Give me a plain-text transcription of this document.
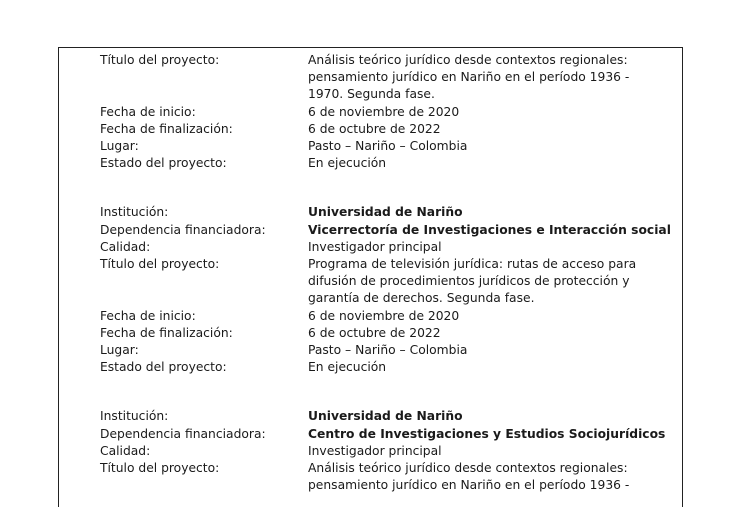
Título del proyecto:	Análisis teórico jurídico desde contextos regionales:
pensamiento jurídico en Nariño en el período 1936 -
1970. Segunda fase.
Fecha de inicio:	6 de noviembre de 2020
Fecha de finalización:	6 de octubre de 2022
Lugar:	Pasto – Nariño – Colombia
Estado del proyecto:	En ejecución
Institución:	Universidad de Nariño
Dependencia financiadora:	Vicerrectoría de Investigaciones e Interacción social
Calidad:	Investigador principal
Título del proyecto:	Programa de televisión jurídica: rutas de acceso para
difusión de procedimientos jurídicos de protección y
garantía de derechos. Segunda fase.
Fecha de inicio:	6 de noviembre de 2020
Fecha de finalización:	6 de octubre de 2022
Lugar:	Pasto – Nariño – Colombia
Estado del proyecto:	En ejecución
Institución:	Universidad de Nariño
Dependencia financiadora:	Centro de Investigaciones y Estudios Sociojurídicos
Calidad:	Investigador principal
Título del proyecto:	Análisis teórico jurídico desde contextos regionales:
pensamiento jurídico en Nariño en el período 1936 -
